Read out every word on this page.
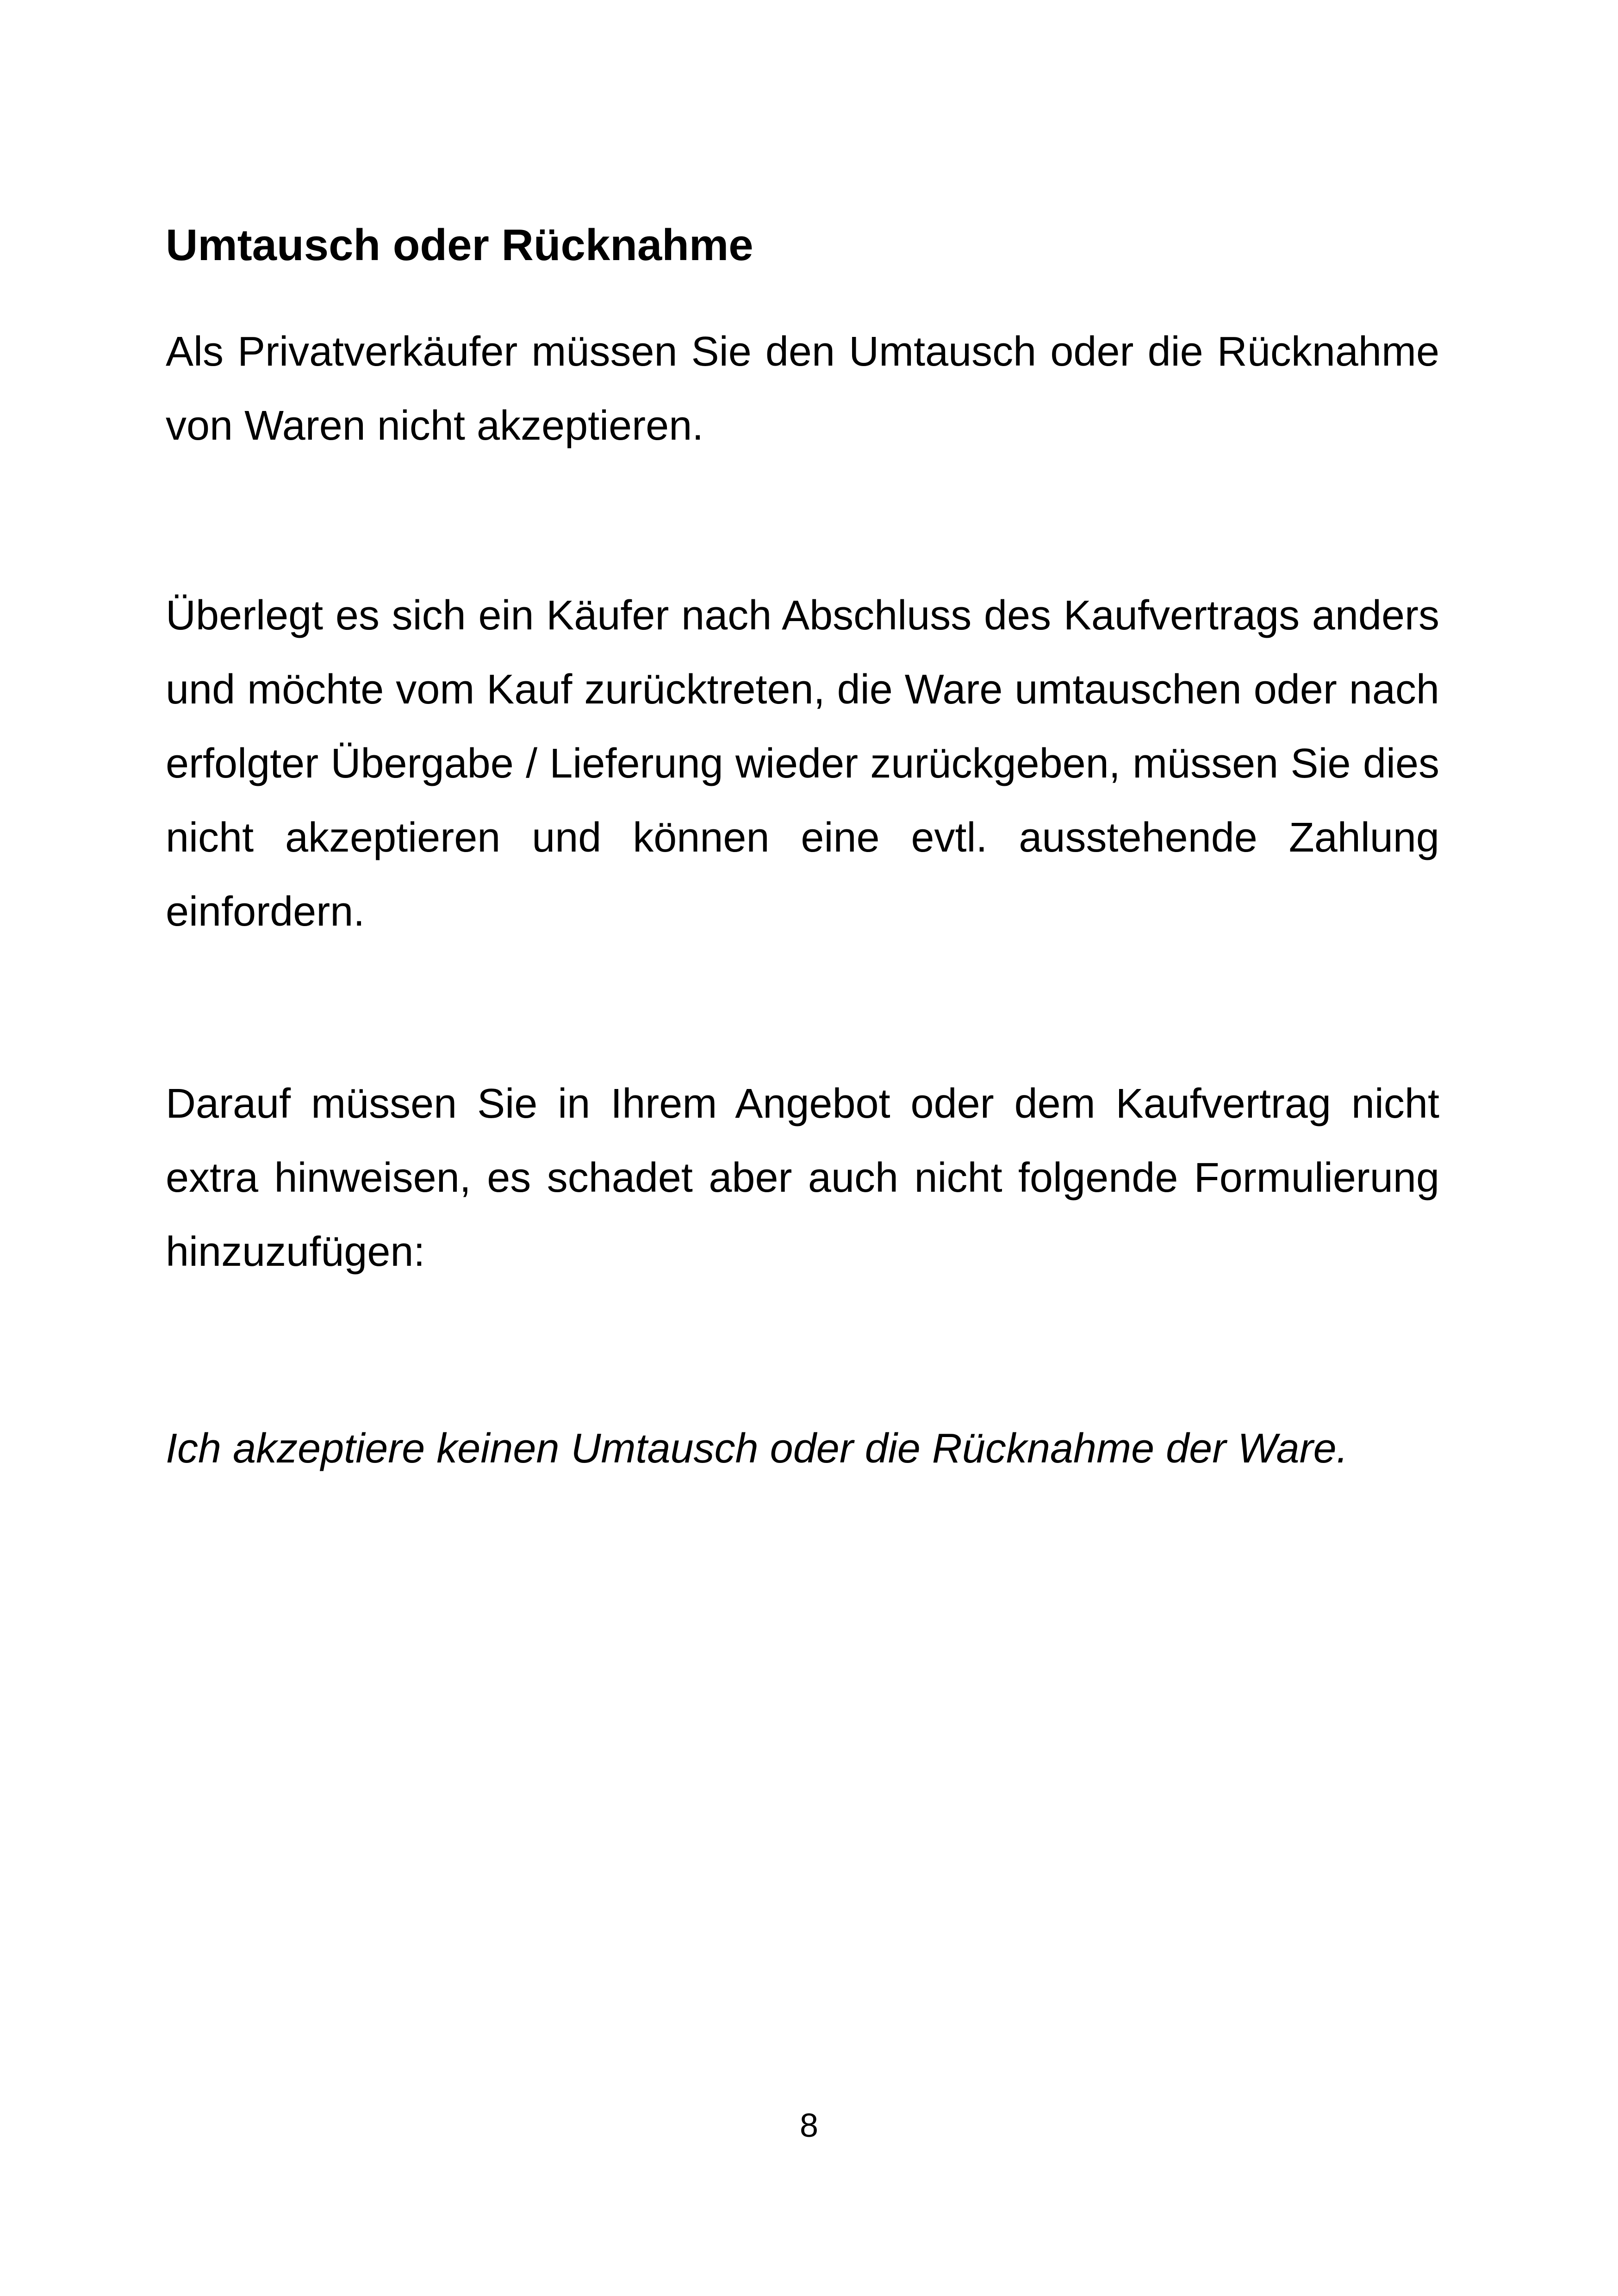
Umtausch oder Rücknahme

Als Privatverkäufer müssen Sie den Umtausch oder die Rücknahme von Waren nicht akzeptieren.

Überlegt es sich ein Käufer nach Abschluss des Kaufvertrags anders und möchte vom Kauf zurücktreten, die Ware umtauschen oder nach erfolgter Übergabe / Lieferung wieder zurückgeben, müssen Sie dies nicht akzeptieren und können eine evtl. ausstehende Zahlung einfordern.

Darauf müssen Sie in Ihrem Angebot oder dem Kaufvertrag nicht extra hinweisen, es schadet aber auch nicht folgende Formulierung hinzuzufügen:

Ich akzeptiere keinen Umtausch oder die Rücknahme der Ware.

8
